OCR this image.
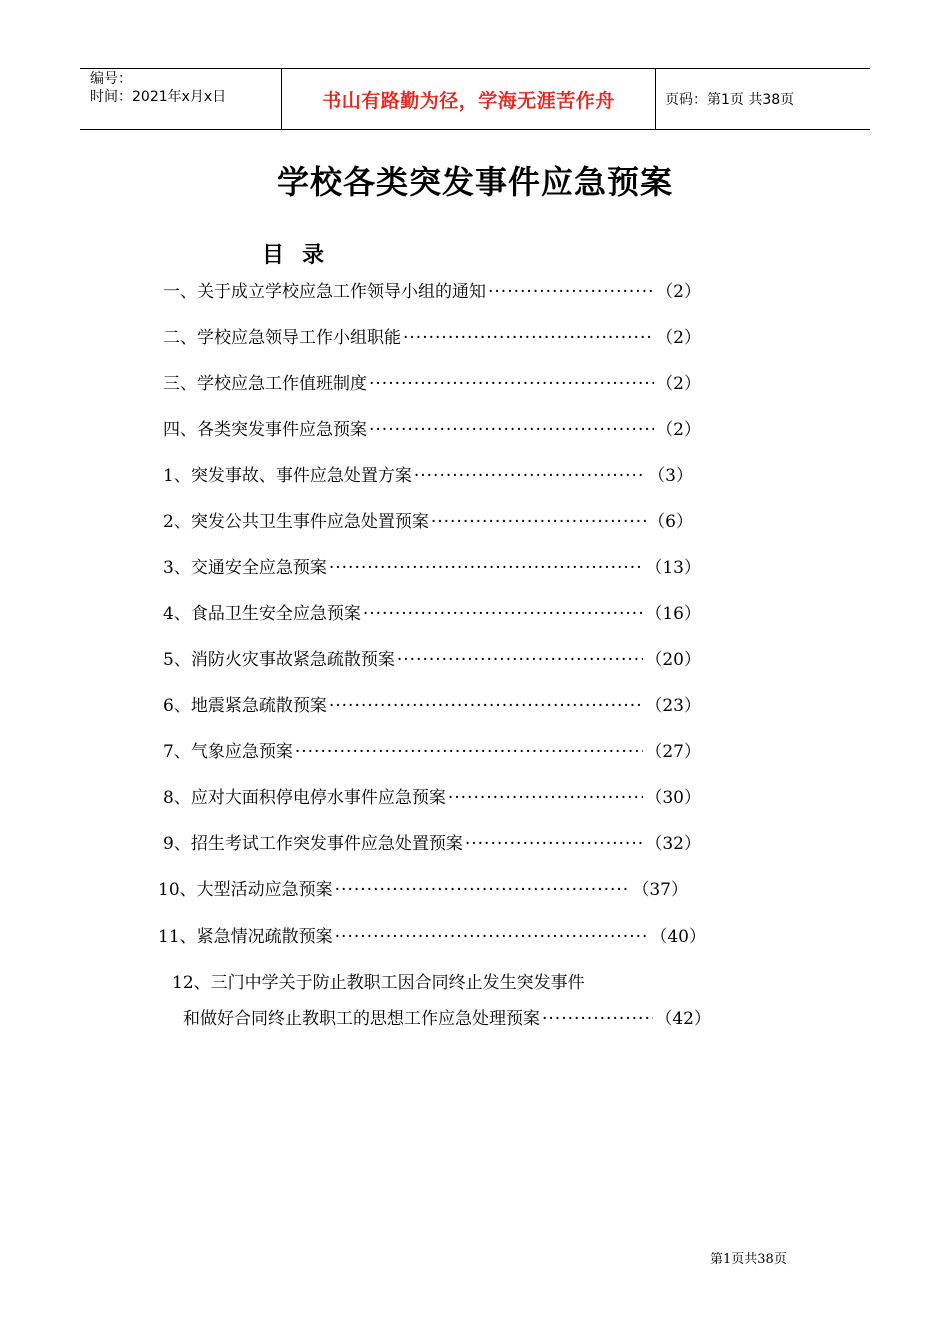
编号：
时间：2021年x月x日	书山有路勤为径，学海无涯苦作舟	页码：第1页 共38页
学校各类突发事件应急预案
目录
一、关于成立学校应急工作领导小组的通知 ·····	（2）
二、学校应急领导工作小组职能 ·····	（2）
三、学校应急工作值班制度 ·····	（2）
四、各类突发事件应急预案 ·····	（2）
1、突发事故、事件应急处置方案 ·····	（3）
2、突发公共卫生事件应急处置预案 ·····	（6）
3、交通安全应急预案 ·····	（13）
4、食品卫生安全应急预案 ·····	（16）
5、消防火灾事故紧急疏散预案 ·····	（20）
6、地震紧急疏散预案 ·····	（23）
7、气象应急预案 ·····	（27）
8、应对大面积停电停水事件应急预案 ·····	（30）
9、招生考试工作突发事件应急处置预案 ·····	（32）
10、大型活动应急预案 ·····	（37）
11、紧急情况疏散预案 ·····	（40）
12、三门中学关于防止教职工因合同终止发生突发事件
和做好合同终止教职工的思想工作应急处理预案 ·····	（42）
第1页共38页
